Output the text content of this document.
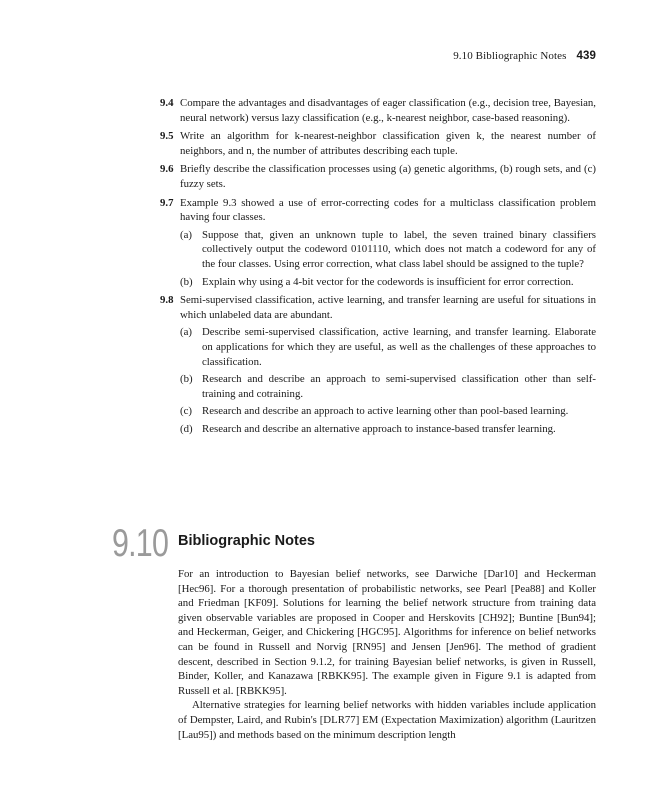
9.10 Bibliographic Notes 439
9.4 Compare the advantages and disadvantages of eager classification (e.g., decision tree, Bayesian, neural network) versus lazy classification (e.g., k-nearest neighbor, case-based reasoning).

9.5 Write an algorithm for k-nearest-neighbor classification given k, the nearest number of neighbors, and n, the number of attributes describing each tuple.

9.6 Briefly describe the classification processes using (a) genetic algorithms, (b) rough sets, and (c) fuzzy sets.

9.7 Example 9.3 showed a use of error-correcting codes for a multiclass classification problem having four classes.

(a) Suppose that, given an unknown tuple to label, the seven trained binary classifiers collectively output the codeword 0101110, which does not match a codeword for any of the four classes. Using error correction, what class label should be assigned to the tuple?
(b) Explain why using a 4-bit vector for the codewords is insufficient for error correction.
9.8 Semi-supervised classification, active learning, and transfer learning are useful for situations in which unlabeled data are abundant.

(a) Describe semi-supervised classification, active learning, and transfer learning. Elaborate on applications for which they are useful, as well as the challenges of these approaches to classification.
(b) Research and describe an approach to semi-supervised classification other than self-training and cotraining.
(c) Research and describe an approach to active learning other than pool-based learning.
(d) Research and describe an alternative approach to instance-based transfer learning.
9.10 Bibliographic Notes

For an introduction to Bayesian belief networks, see Darwiche [Dar10] and Heckerman [Hec96]. For a thorough presentation of probabilistic networks, see Pearl [Pea88] and Koller and Friedman [KF09]. Solutions for learning the belief network structure from training data given observable variables are proposed in Cooper and Herskovits [CH92]; Buntine [Bun94]; and Heckerman, Geiger, and Chickering [HGC95]. Algorithms for inference on belief networks can be found in Russell and Norvig [RN95] and Jensen [Jen96]. The method of gradient descent, described in Section 9.1.2, for training Bayesian belief networks, is given in Russell, Binder, Koller, and Kanazawa [RBKK95]. The example given in Figure 9.1 is adapted from Russell et al. [RBKK95].

Alternative strategies for learning belief networks with hidden variables include application of Dempster, Laird, and Rubin's [DLR77] EM (Expectation Maximization) algorithm (Lauritzen [Lau95]) and methods based on the minimum description length
